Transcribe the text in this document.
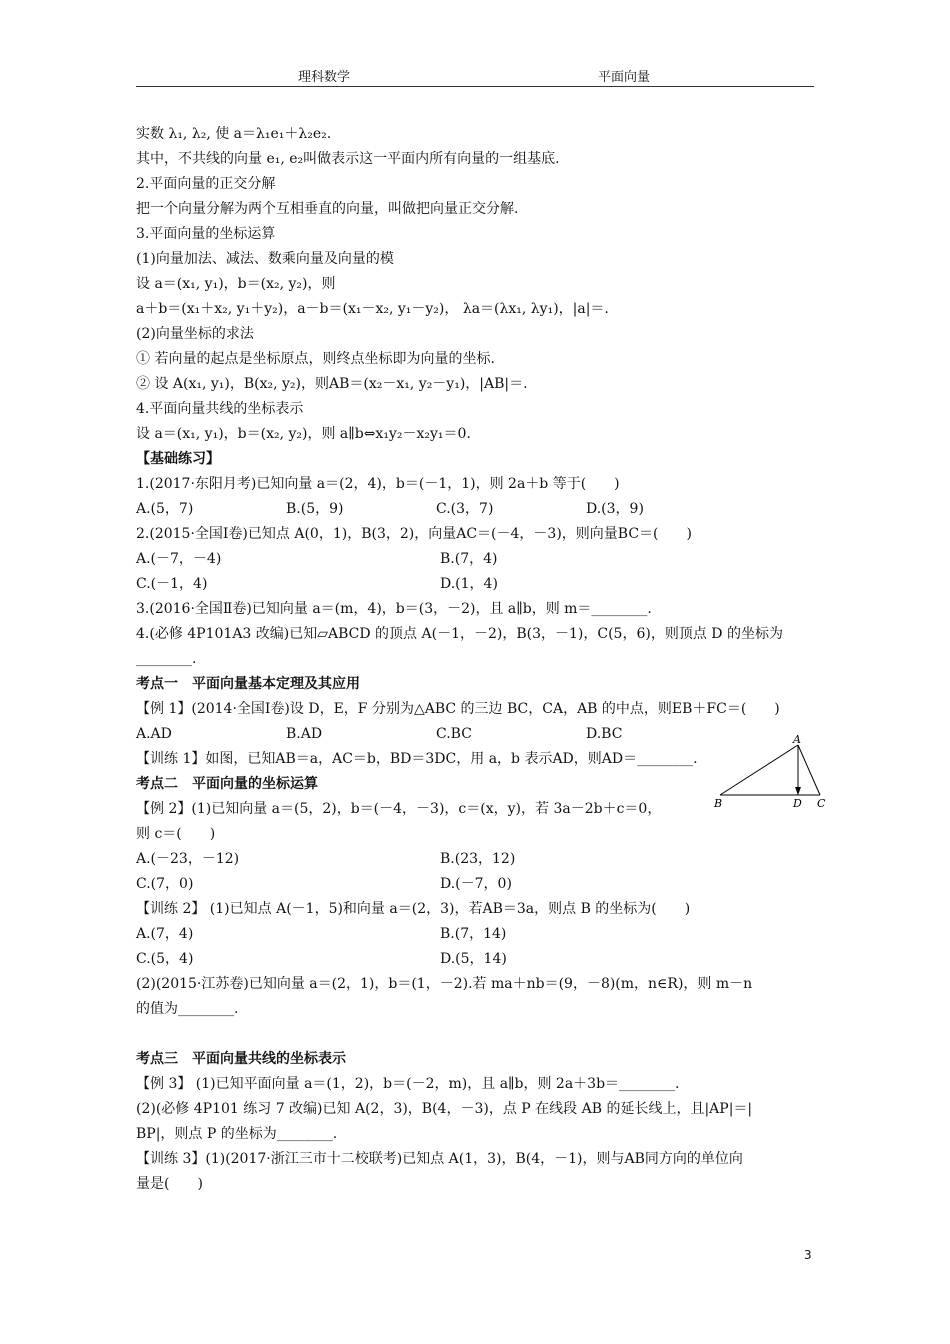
理科数学	平面向量
实数 λ₁, λ₂, 使 a＝λ₁e₁＋λ₂e₂.
其中，不共线的向量 e₁, e₂叫做表示这一平面内所有向量的一组基底.
2.平面向量的正交分解
把一个向量分解为两个互相垂直的向量，叫做把向量正交分解.
3.平面向量的坐标运算
(1)向量加法、减法、数乘向量及向量的模
设 a＝(x₁, y₁)，b＝(x₂, y₂)，则
a＋b＝(x₁＋x₂, y₁＋y₂)，a－b＝(x₁－x₂, y₁－y₂)， λa＝(λx₁, λy₁)，|a|＝.
(2)向量坐标的求法
① 若向量的起点是坐标原点，则终点坐标即为向量的坐标.
② 设 A(x₁, y₁)，B(x₂, y₂)，则AB＝(x₂－x₁, y₂－y₁)，|AB|＝.
4.平面向量共线的坐标表示
设 a＝(x₁, y₁)，b＝(x₂, y₂)，则 a∥b⇔x₁y₂－x₂y₁＝0.
【基础练习】
1.(2017·东阳月考)已知向量 a＝(2，4)，b＝(－1，1)，则 2a＋b 等于(　　)
A.(5，7)	B.(5，9)	C.(3，7)	D.(3，9)
2.(2015·全国Ⅰ卷)已知点 A(0，1)，B(3，2)，向量AC＝(－4，－3)，则向量BC＝(　　)
A.(－7，－4)	B.(7，4)
C.(－1，4)	D.(1，4)
3.(2016·全国Ⅱ卷)已知向量 a＝(m，4)，b＝(3，－2)，且 a∥b，则 m＝________.
4.(必修 4P101A3 改编)已知▱ABCD 的顶点 A(－1，－2)，B(3，－1)，C(5，6)，则顶点 D 的坐标为
________.
考点一　平面向量基本定理及其应用
【例 1】(2014·全国Ⅰ卷)设 D，E，F 分别为△ABC 的三边 BC，CA，AB 的中点，则EB＋FC＝(　　)
A.AD	B.AD	C.BC	D.BC
【训练 1】如图，已知AB＝a，AC＝b，BD＝3DC，用 a，b 表示AD，则AD＝________.
考点二　平面向量的坐标运算
【例 2】(1)已知向量 a＝(5，2)，b＝(－4，－3)，c＝(x，y)，若 3a－2b＋c＝0，
则 c＝(　　)
A.(－23，－12)	B.(23，12)
C.(7，0)	D.(－7，0)
【训练 2】 (1)已知点 A(－1，5)和向量 a＝(2，3)，若AB＝3a，则点 B 的坐标为(　　)
A.(7，4)	B.(7，14)
C.(5，4)	D.(5，14)
(2)(2015·江苏卷)已知向量 a＝(2，1)，b＝(1，－2).若 ma＋nb＝(9，－8)(m，n∈R)，则 m－n
的值为________.
考点三　平面向量共线的坐标表示
【例 3】 (1)已知平面向量 a＝(1，2)，b＝(－2，m)，且 a∥b，则 2a＋3b＝________.
(2)(必修 4P101 练习 7 改编)已知 A(2，3)，B(4，－3)，点 P 在线段 AB 的延长线上，且|AP|＝|
BP|，则点 P 的坐标为________.
【训练 3】(1)(2017·浙江三市十二校联考)已知点 A(1，3)，B(4，－1)，则与AB同方向的单位向
量是(　　)
A
B	D C
3
